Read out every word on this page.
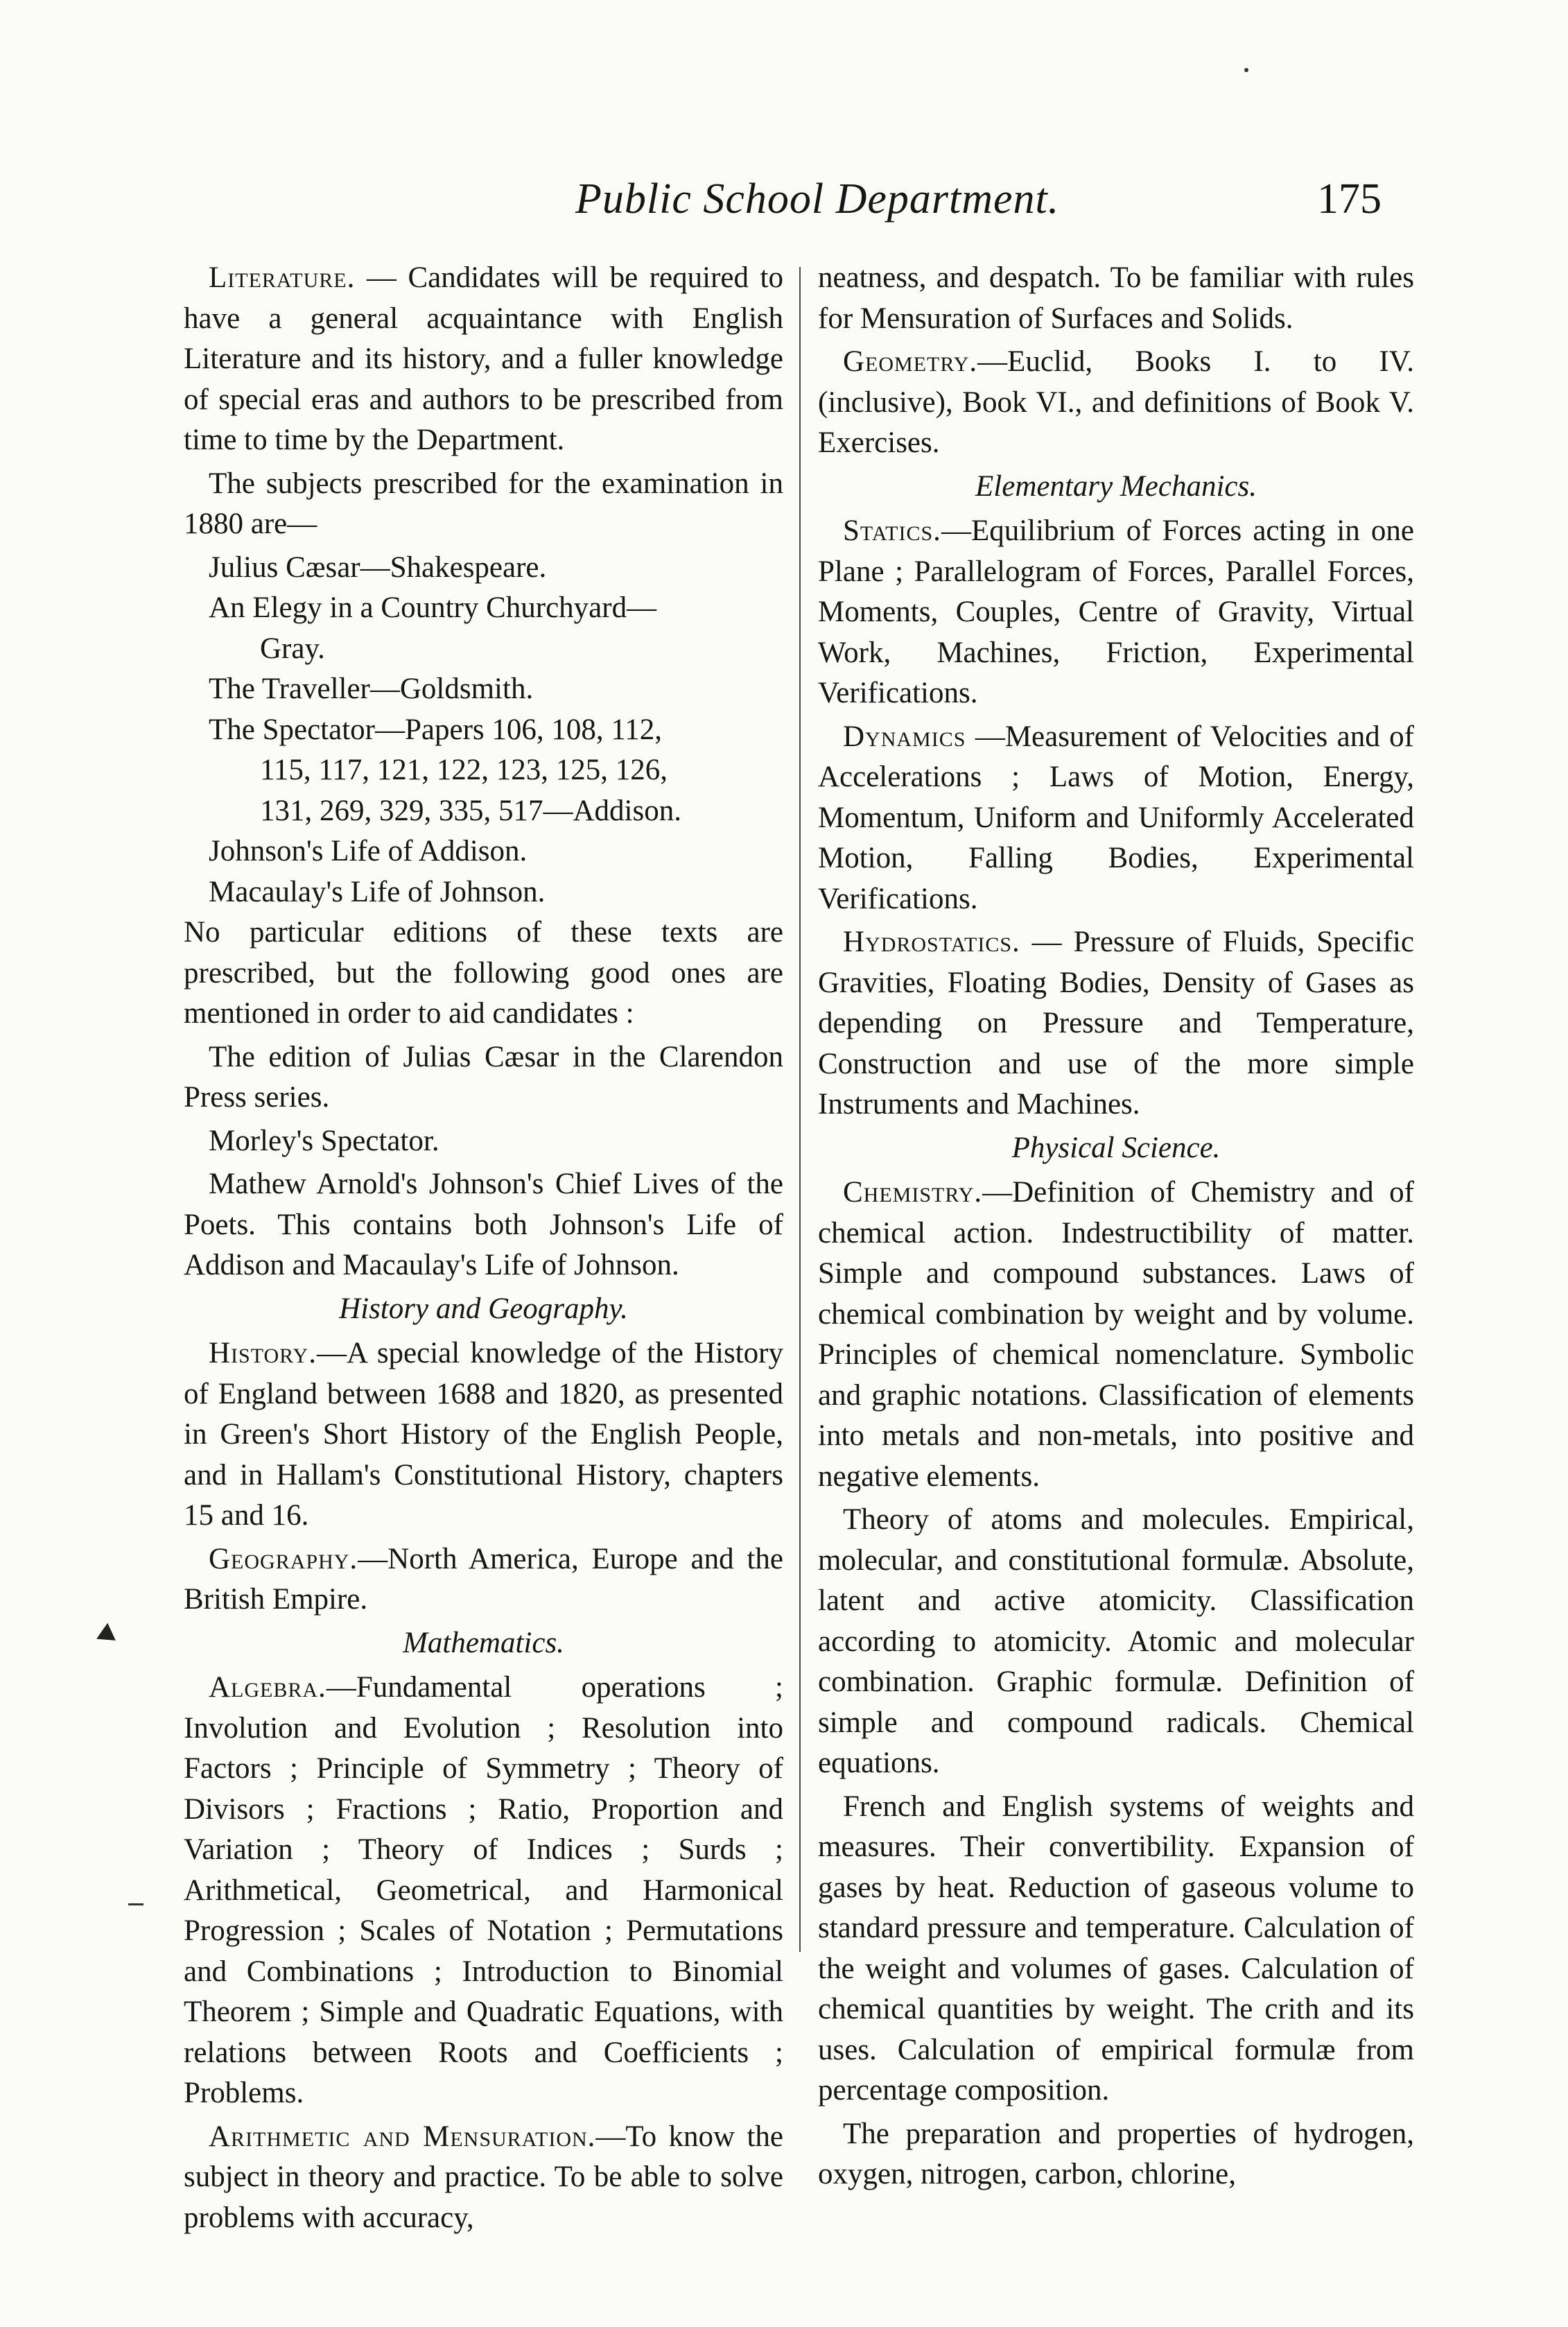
Public School Department.	175

Literature. — Candidates will be required to have a general acquaintance with English Literature and its history, and a fuller knowledge of special eras and authors to be prescribed from time to time by the Department.

The subjects prescribed for the examination in 1880 are—

Julius Cæsar—Shakespeare.
An Elegy in a Country Churchyard—
Gray.
The Traveller—Goldsmith.
The Spectator—Papers 106, 108, 112,
115, 117, 121, 122, 123, 125, 126,
131, 269, 329, 335, 517—Addison.
Johnson's Life of Addison.
Macaulay's Life of Johnson.

No particular editions of these texts are prescribed, but the following good ones are mentioned in order to aid candidates :

The edition of Julias Cæsar in the Clarendon Press series.

Morley's Spectator.

Mathew Arnold's Johnson's Chief Lives of the Poets. This contains both Johnson's Life of Addison and Macaulay's Life of Johnson.

History and Geography.

History.—A special knowledge of the History of England between 1688 and 1820, as presented in Green's Short History of the English People, and in Hallam's Constitutional History, chapters 15 and 16.

Geography.—North America, Europe and the British Empire.

Mathematics.

Algebra.—Fundamental operations ; Involution and Evolution ; Resolution into Factors ; Principle of Symmetry ; Theory of Divisors ; Fractions ; Ratio, Proportion and Variation ; Theory of Indices ; Surds ; Arithmetical, Geometrical, and Harmonical Progression ; Scales of Notation ; Permutations and Combinations ; Introduction to Binomial Theorem ; Simple and Quadratic Equations, with relations between Roots and Coefficients ; Problems.

Arithmetic and Mensuration.—To know the subject in theory and practice. To be able to solve problems with accuracy,

neatness, and despatch. To be familiar with rules for Mensuration of Surfaces and Solids.

Geometry.—Euclid, Books I. to IV. (inclusive), Book VI., and definitions of Book V. Exercises.

Elementary Mechanics.

Statics.—Equilibrium of Forces acting in one Plane ; Parallelogram of Forces, Parallel Forces, Moments, Couples, Centre of Gravity, Virtual Work, Machines, Friction, Experimental Verifications.

Dynamics —Measurement of Velocities and of Accelerations ; Laws of Motion, Energy, Momentum, Uniform and Uniformly Accelerated Motion, Falling Bodies, Experimental Verifications.

Hydrostatics. — Pressure of Fluids, Specific Gravities, Floating Bodies, Density of Gases as depending on Pressure and Temperature, Construction and use of the more simple Instruments and Machines.

Physical Science.

Chemistry.—Definition of Chemistry and of chemical action. Indestructibility of matter. Simple and compound substances. Laws of chemical combination by weight and by volume. Principles of chemical nomenclature. Symbolic and graphic notations. Classification of elements into metals and non-metals, into positive and negative elements.

Theory of atoms and molecules. Empirical, molecular, and constitutional formulæ. Absolute, latent and active atomicity. Classification according to atomicity. Atomic and molecular combination. Graphic formulæ. Definition of simple and compound radicals. Chemical equations.

French and English systems of weights and measures. Their convertibility. Expansion of gases by heat. Reduction of gaseous volume to standard pressure and temperature. Calculation of the weight and volumes of gases. Calculation of chemical quantities by weight. The crith and its uses. Calculation of empirical formulæ from percentage composition.

The preparation and properties of hydrogen, oxygen, nitrogen, carbon, chlorine,
